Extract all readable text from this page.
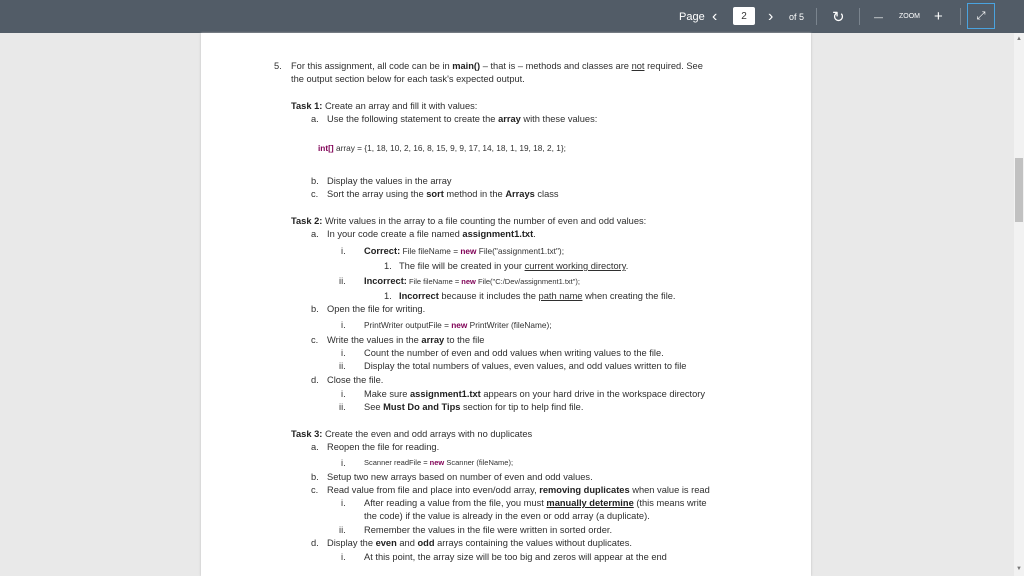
Page ‹	2	› of 5 ↻	— ZOOM +	⤢
▲
▼
5. For this assignment, all code can be in main() – that is – methods and classes are not required. See
the output section below for each task's expected output.
Task 1: Create an array and fill it with values:
a. Use the following statement to create the array with these values:
int[] array = {1, 18, 10, 2, 16, 8, 15, 9, 9, 17, 14, 18, 1, 19, 18, 2, 1};
b. Display the values in the array
c. Sort the array using the sort method in the Arrays class
Task 2: Write values in the array to a file counting the number of even and odd values:
a. In your code create a file named assignment1.txt.
i. Correct: File fileName = new File("assignment1.txt");
1. The file will be created in your current working directory.
ii. Incorrect: File fileName = new File("C:/Dev/assignment1.txt");
1. Incorrect because it includes the path name when creating the file.
b. Open the file for writing.
i. PrintWriter outputFile = new PrintWriter (fileName);
c. Write the values in the array to the file
i. Count the number of even and odd values when writing values to the file.
ii. Display the total numbers of values, even values, and odd values written to file
d. Close the file.
i. Make sure assignment1.txt appears on your hard drive in the workspace directory
ii. See Must Do and Tips section for tip to help find file.
Task 3: Create the even and odd arrays with no duplicates
a. Reopen the file for reading.
i. Scanner readFile = new Scanner (fileName);
b. Setup two new arrays based on number of even and odd values.
c. Read value from file and place into even/odd array, removing duplicates when value is read
i. After reading a value from the file, you must manually determine (this means write
the code) if the value is already in the even or odd array (a duplicate).
ii. Remember the values in the file were written in sorted order.
d. Display the even and odd arrays containing the values without duplicates.
i. At this point, the array size will be too big and zeros will appear at the end
